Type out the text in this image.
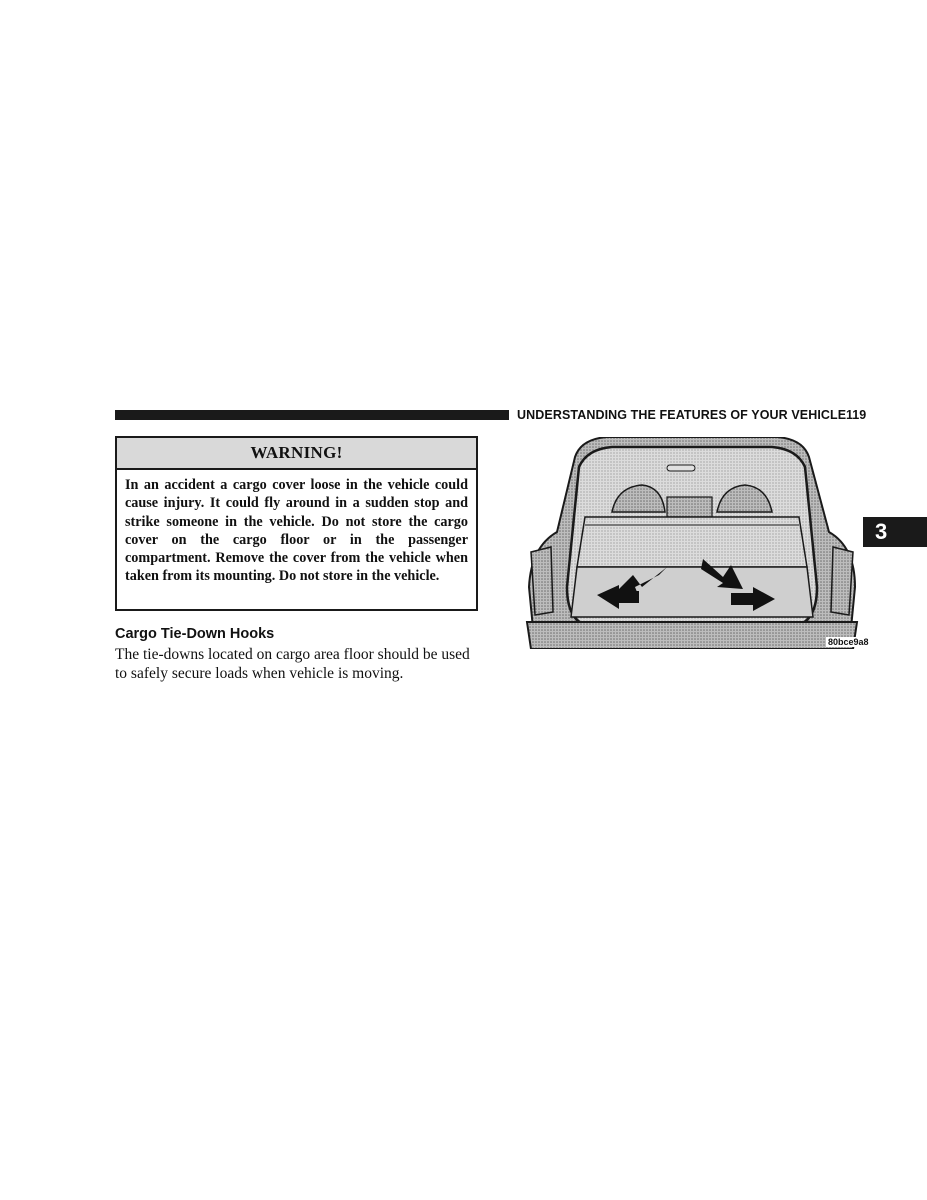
UNDERSTANDING THE FEATURES OF YOUR VEHICLE 119
3
WARNING!
In an accident a cargo cover loose in the vehicle could cause injury. It could fly around in a sudden stop and strike someone in the vehicle. Do not store the cargo cover on the cargo floor or in the passenger compartment. Remove the cover from the vehicle when taken from its mounting. Do not store in the vehicle.
Cargo Tie-Down Hooks
The tie-downs located on cargo area floor should be used to safely secure loads when vehicle is moving.
80bce9a8
